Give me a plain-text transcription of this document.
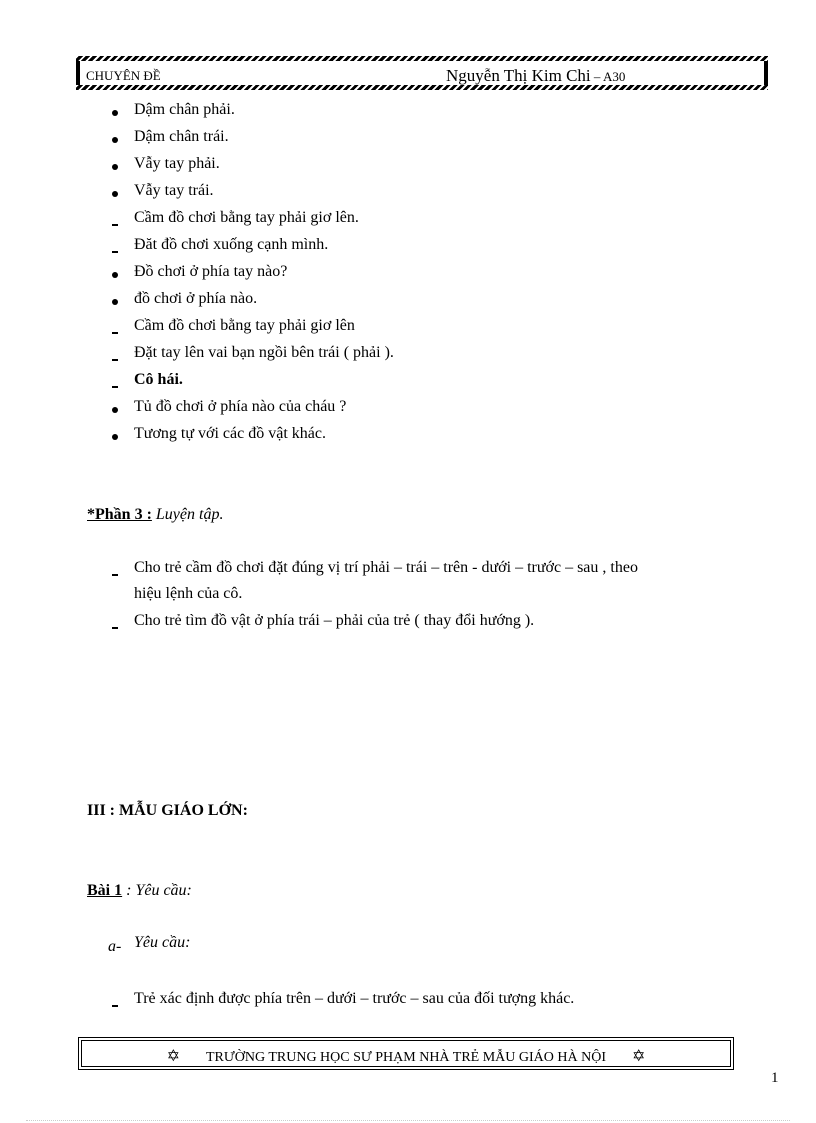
CHUYÊN ĐỀ	Nguyễn Thị Kim Chi – A30
Dậm chân phải.
Dậm chân trái.
Vẫy tay phải.
Vẫy tay trái.
Cầm đồ chơi bằng tay phải giơ lên.
Đăt đồ chơi xuống cạnh mình.
Đồ chơi ở phía tay nào?
đồ chơi ở phía nào.
Cầm đồ chơi bằng tay phải giơ lên
Đặt tay lên vai bạn ngồi bên trái ( phải ).
Cô hái.
Tủ đồ chơi ở phía nào của cháu ?
Tương tự với các đồ vật khác.
*Phần 3 : Luyện tập.
Cho trẻ cầm đồ chơi đặt đúng vị trí phải – trái – trên - dưới – trước – sau , theo
hiệu lệnh của cô.
Cho trẻ tìm đồ vật ở phía trái – phải của trẻ ( thay đổi hướng ).
III : MẪU GIÁO LỚN:
Bài 1 : Yêu cầu:
a- Yêu cầu:
Trẻ xác định được phía trên – dưới – trước – sau của đối tượng khác.
✡ TRƯỜNG TRUNG HỌC SƯ PHẠM NHÀ TRẺ MẪU GIÁO HÀ NỘI ✡
1
